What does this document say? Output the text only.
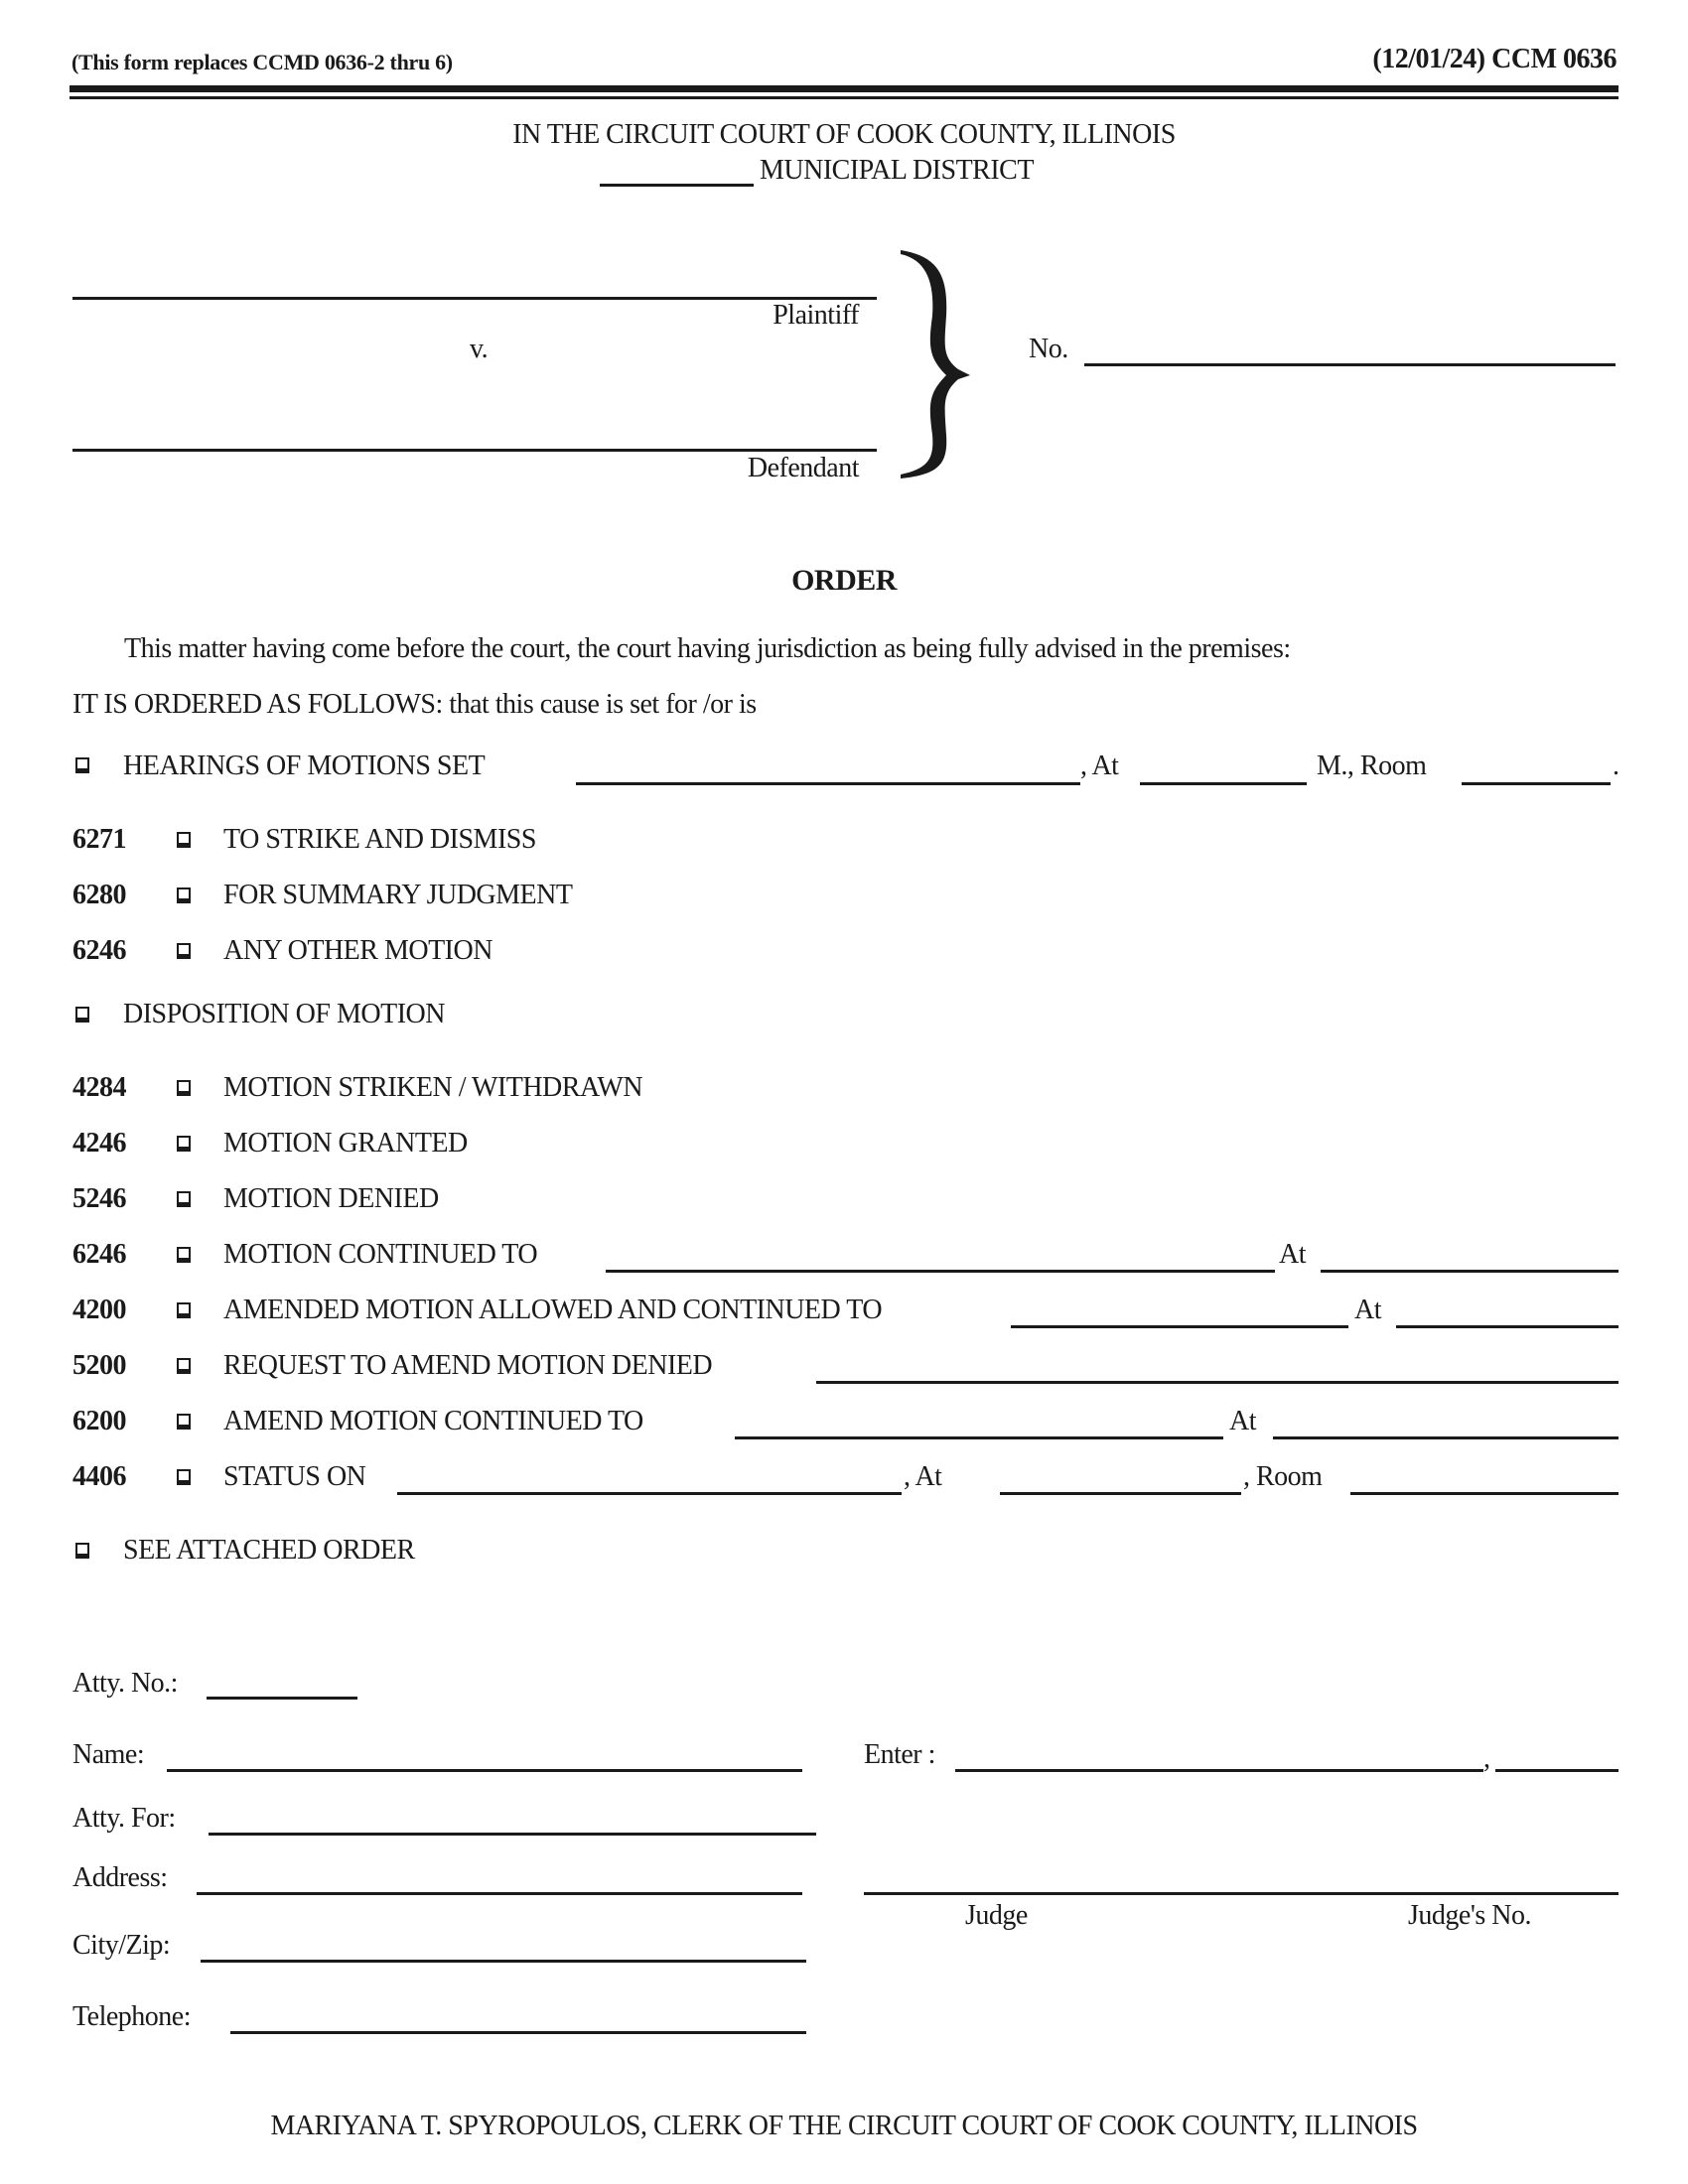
(This form replaces CCMD 0636-2 thru 6)	(12/01/24) CCM 0636
IN THE CIRCUIT COURT OF COOK COUNTY, ILLINOIS
MUNICIPAL DISTRICT
Plaintiff
v.
Defendant
No.
ORDER
This matter having come before the court, the court having jurisdiction as being fully advised in the premises:
IT IS ORDERED AS FOLLOWS: that this cause is set for /or is
HEARINGS OF MOTIONS SET	, At	M., Room	.
6271	TO STRIKE AND DISMISS
6280	FOR SUMMARY JUDGMENT
6246	ANY OTHER MOTION
DISPOSITION OF MOTION
4284	MOTION STRIKEN / WITHDRAWN
4246	MOTION GRANTED
5246	MOTION DENIED
6246	MOTION CONTINUED TO	At
4200	AMENDED MOTION ALLOWED AND CONTINUED TO	At
5200	REQUEST TO AMEND MOTION DENIED
6200	AMEND MOTION CONTINUED TO	At
4406	STATUS ON	, At	, Room
SEE ATTACHED ORDER
Atty. No.:
Name:
Atty. For:
Address:
City/Zip:
Telephone:
Enter :	,
Judge	Judge's No.
MARIYANA T. SPYROPOULOS, CLERK OF THE CIRCUIT COURT OF COOK COUNTY, ILLINOIS
